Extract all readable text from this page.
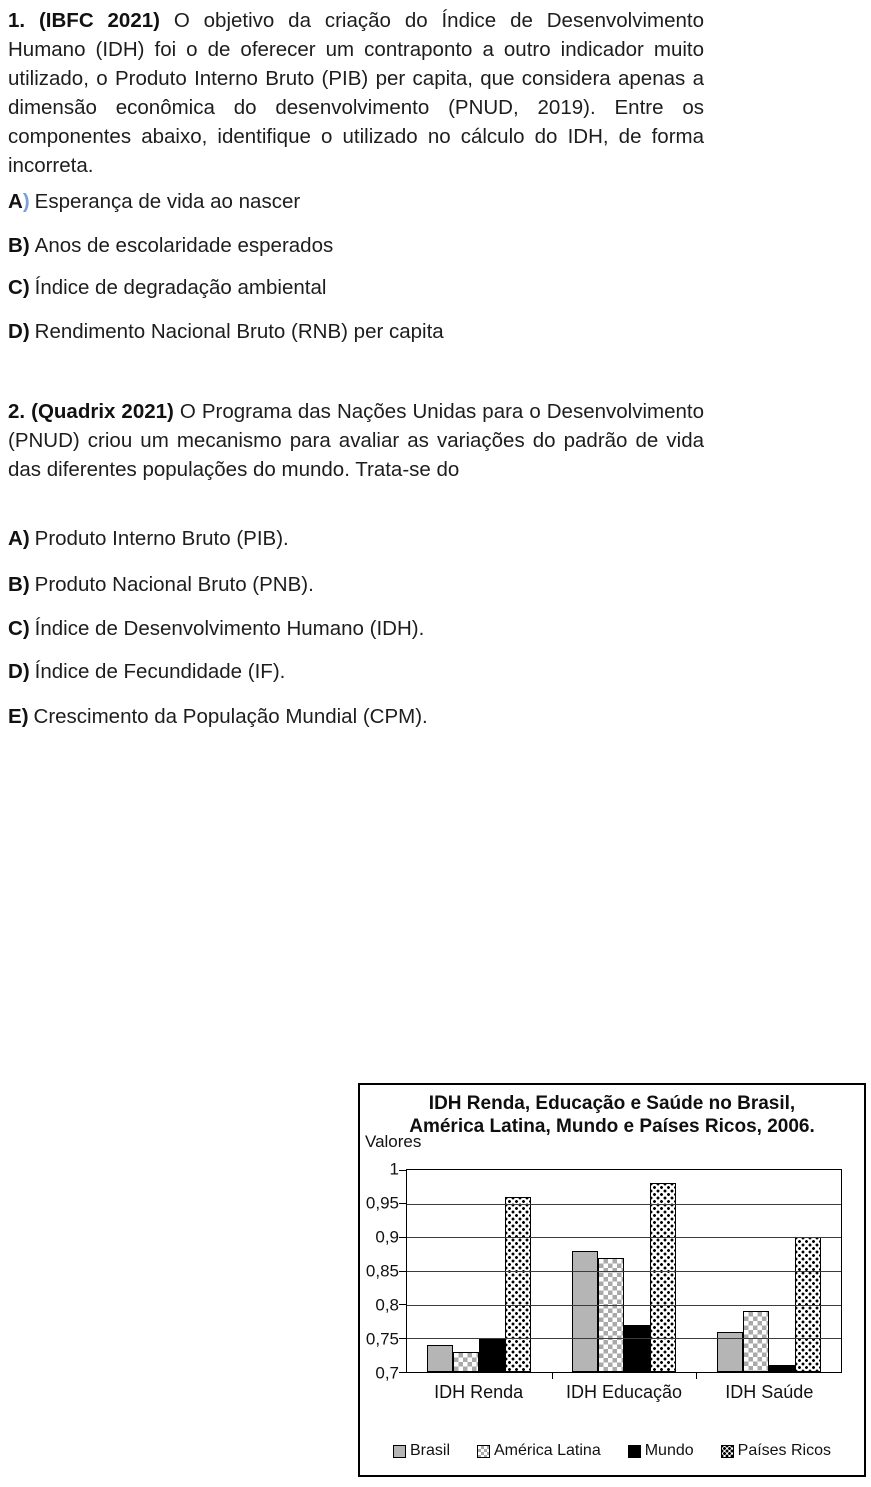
1. (IBFC 2021) O objetivo da criação do Índice de Desenvolvimento Humano (IDH) foi o de oferecer um contraponto a outro indicador muito utilizado, o Produto Interno Bruto (PIB) per capita, que considera apenas a dimensão econômica do desenvolvimento (PNUD, 2019). Entre os componentes abaixo, identifique o utilizado no cálculo do IDH, de forma incorreta.

A) Esperança de vida ao nascer
B) Anos de escolaridade esperados
C) Índice de degradação ambiental
D) Rendimento Nacional Bruto (RNB) per capita

2. (Quadrix 2021) O Programa das Nações Unidas para o Desenvolvimento (PNUD) criou um mecanismo para avaliar as variações do padrão de vida das diferentes populações do mundo. Trata-se do

A) Produto Interno Bruto (PIB).
B) Produto Nacional Bruto (PNB).
C) Índice de Desenvolvimento Humano (IDH).
D) Índice de Fecundidade (IF).
E) Crescimento da População Mundial (CPM).
IDH Renda, Educação e Saúde no Brasil,
América Latina, Mundo e Países Ricos, 2006.
Valores
1
0,95
0,9
0,85
0,8
0,75
0,7
IDH Renda	IDH Educação	IDH Saúde
Brasil	América Latina	Mundo	Países Ricos
